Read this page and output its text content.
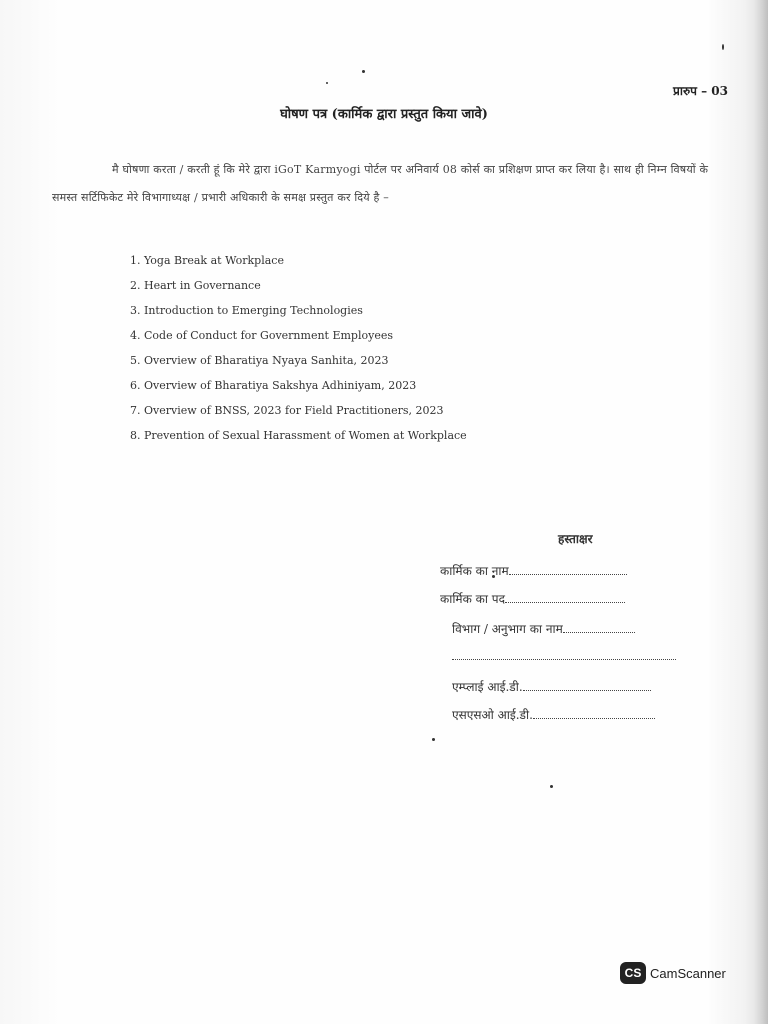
प्रारुप – 03
घोषण पत्र (कार्मिक द्वारा प्रस्तुत किया जावे)
मै घोषणा करता / करती हूं कि मेरे द्वारा iGoT Karmyogi पोर्टल पर अनिवार्य 08 कोर्स का प्रशिक्षण प्राप्त कर लिया है। साथ ही निम्न विषयों के समस्त सर्टिफिकेट मेरे विभागाध्यक्ष / प्रभारी अधिकारी के समक्ष प्रस्तुत कर दिये है –
1. Yoga Break at Workplace
2. Heart in Governance
3. Introduction to Emerging Technologies
4. Code of Conduct for Government Employees
5. Overview of Bharatiya Nyaya Sanhita, 2023
6. Overview of Bharatiya Sakshya Adhiniyam, 2023
7. Overview of BNSS, 2023 for Field Practitioners, 2023
8. Prevention of Sexual Harassment of Women at Workplace
हस्ताक्षर
कार्मिक का नाम
कार्मिक का पद
विभाग / अनुभाग का नाम
एम्प्लाई आई.डी.
एसएसओ आई.डी.
CS CamScanner
